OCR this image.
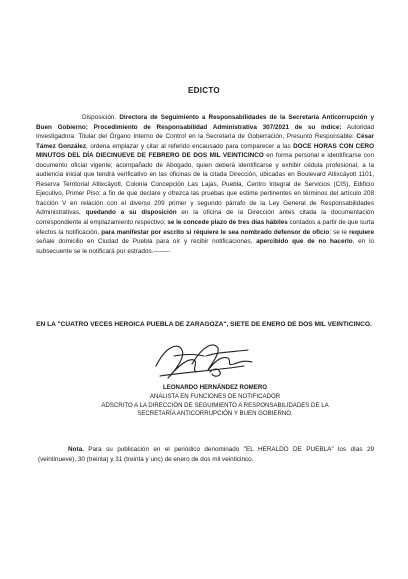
EDICTO

Disposición. Directora de Seguimiento a Responsabilidades de la Secretaría Anticorrupción y Buen Gobierno; Procedimiento de Responsabilidad Administrativa 307/2021 de su índice: Autoridad Investigadora: Titular del Órgano Interno de Control en la Secretaría de Goberración, Presunto Responsable: César Támez González, ordena emplazar y citar al referido encausado para comparecer a las DOCE HORAS CON CERO MINUTOS DEL DÍA DIECINUEVE DE FEBRERO DE DOS MIL VEINTICINCO en forma personal e identificarse con documento oficial vigente; acompañado de Abogado, quien deberá identificarse y exhibir cédula profesional, a la audiencia inicial que tendrá verificativo en las oficinas de la citada Dirección, ubicadas en Boulevard Atlixcáyotl 1101, Reserva Territorial Atlixcáyotl, Colonia Concepción Las Lajas, Puebla, Centro Integral de Servicios (CIS), Edificio Ejecutivo, Primer Piso; a fin de que declare y ofrezca las pruebas que estime pertinentes en términos del artículo 208 fracción V en relación con el diverso 209 primer y segundo párrafo de la Ley General de Responsabilidades Administrativas, quedando a su disposición en la oficina de la Dirección antes citada la documentación correspondiente al emplazamiento respectivo; se le concede plazo de tres días hábiles contados a partir de que surta efectos la notificación, para manifestar por escrito si réquiere le sea nombrado defensor de oficio; se le requiere señale domicilio en Ciudad de Puebla para oír y recibir notificaciones, apercibido que de no hacerlo, en lo subsecuente se le notificará por estrados.--------

EN LA "CUATRO VECES HEROICA PUEBLA DE ZARAGOZA", SIETE DE ENERO DE DOS MIL VEINTICINCO.
LEONARDO HERNÁNDEZ ROMERO
ANALISTA EN FUNCIONES DE NOTIFICADOR
ADSCRITO A LA DIRECCIÓN DE SEGUIMIENTO A RESPONSABILIDADES DE LA
SECRETARÍA ANTICORRUPCIÓN Y BUEN GOBIERNO.

Nota. Para su publicación en el periódico denominado "EL HERALDO DE PUEBLA" los días 29 (veintinueve), 30 (treinta) y 31 (treinta y unc) de enero de dos mil veinticinco.
